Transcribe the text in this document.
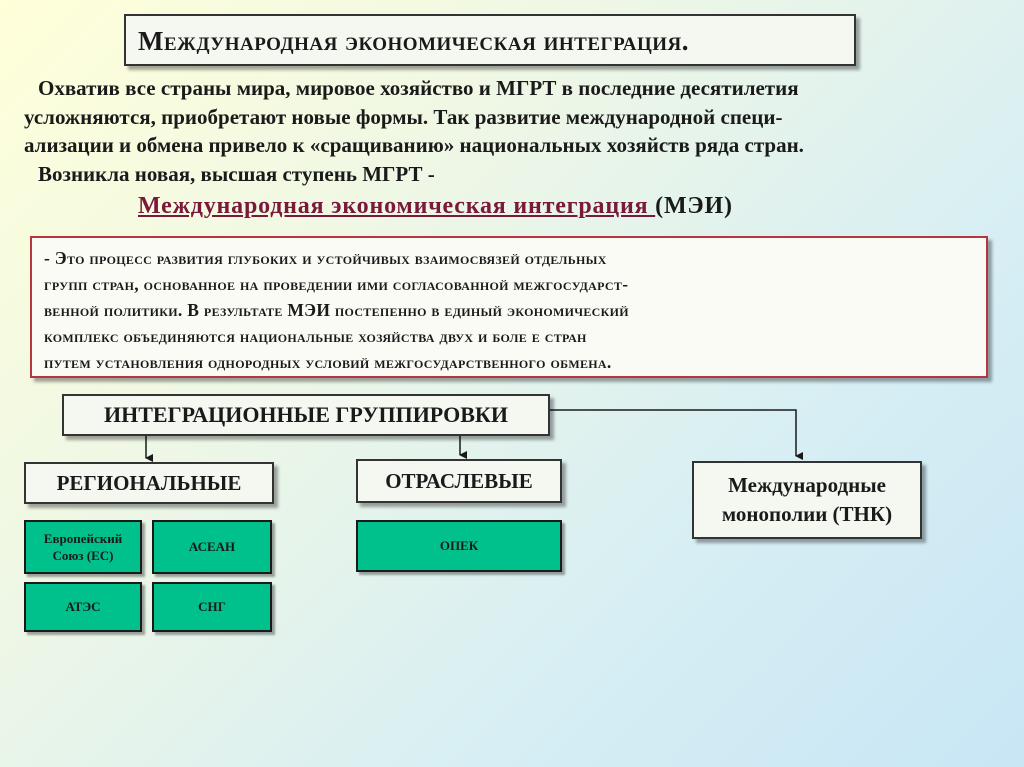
Международная экономическая интеграция.

Охватив все страны мира, мировое хозяйство и МГРТ в последние десятилетия

усложняются, приобретают новые формы. Так развитие международной специ-

ализации и обмена привело к «сращиванию» национальных хозяйств ряда стран.

Возникла новая, высшая ступень МГРТ -

Международная экономическая интеграция (МЭИ)
- Это процесс развития глубоких и устойчивых взаимосвязей отдельных
групп стран, основанное на проведении ими согласованной межгосударст-
венной политики. В результате МЭИ постепенно в единый экономический
комплекс объединяются национальные хозяйства двух и боле е стран
путем установления однородных условий межгосударственного обмена.
ИНТЕГРАЦИОННЫЕ ГРУППИРОВКИ
РЕГИОНАЛЬНЫЕ	ОТРАСЛЕВЫЕ	Международные
монополии (ТНК)
Европейский
Союз (ЕС)
АСЕАН
АТЭС	СНГ
ОПЕК
